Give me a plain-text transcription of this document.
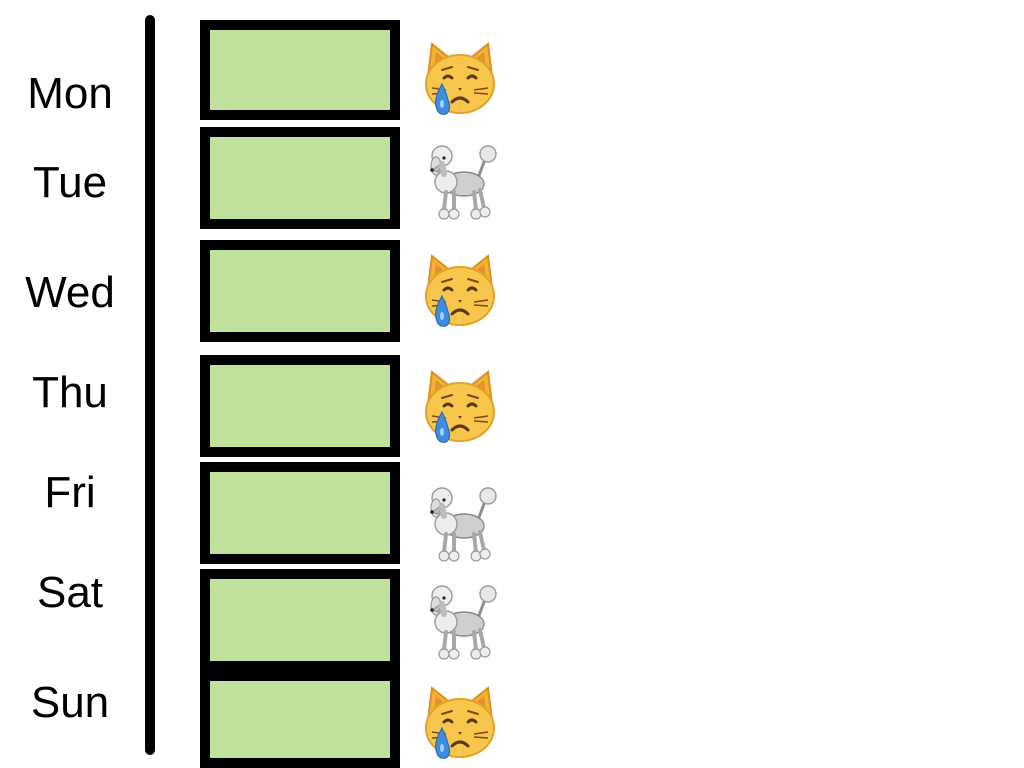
Mon
Tue
Wed
Thu
Fri
Sat
Sun
